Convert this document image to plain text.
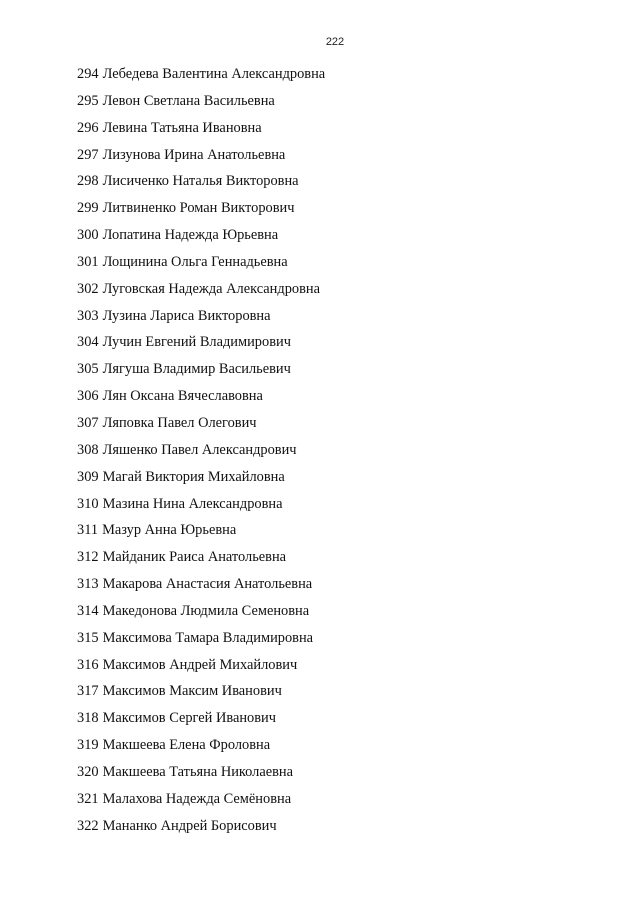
222
294 Лебедева Валентина Александровна
295 Левон Светлана Васильевна
296 Левина Татьяна Ивановна
297 Лизунова Ирина Анатольевна
298 Лисиченко Наталья Викторовна
299 Литвиненко Роман Викторович
300 Лопатина Надежда Юрьевна
301 Лощинина Ольга Геннадьевна
302 Луговская Надежда Александровна
303 Лузина Лариса Викторовна
304 Лучин Евгений Владимирович
305 Лягуша Владимир Васильевич
306 Лян Оксана Вячеславовна
307 Ляповка Павел Олегович
308 Ляшенко Павел Александрович
309 Магай Виктория Михайловна
310 Мазина Нина Александровна
311 Мазур Анна Юрьевна
312 Майданик Раиса Анатольевна
313 Макарова Анастасия Анатольевна
314 Македонова Людмила Семеновна
315 Максимова Тамара Владимировна
316 Максимов Андрей Михайлович
317 Максимов Максим Иванович
318 Максимов Сергей Иванович
319 Макшеева Елена Фроловна
320 Макшеева Татьяна Николаевна
321 Малахова Надежда Семёновна
322 Мананко Андрей Борисович
